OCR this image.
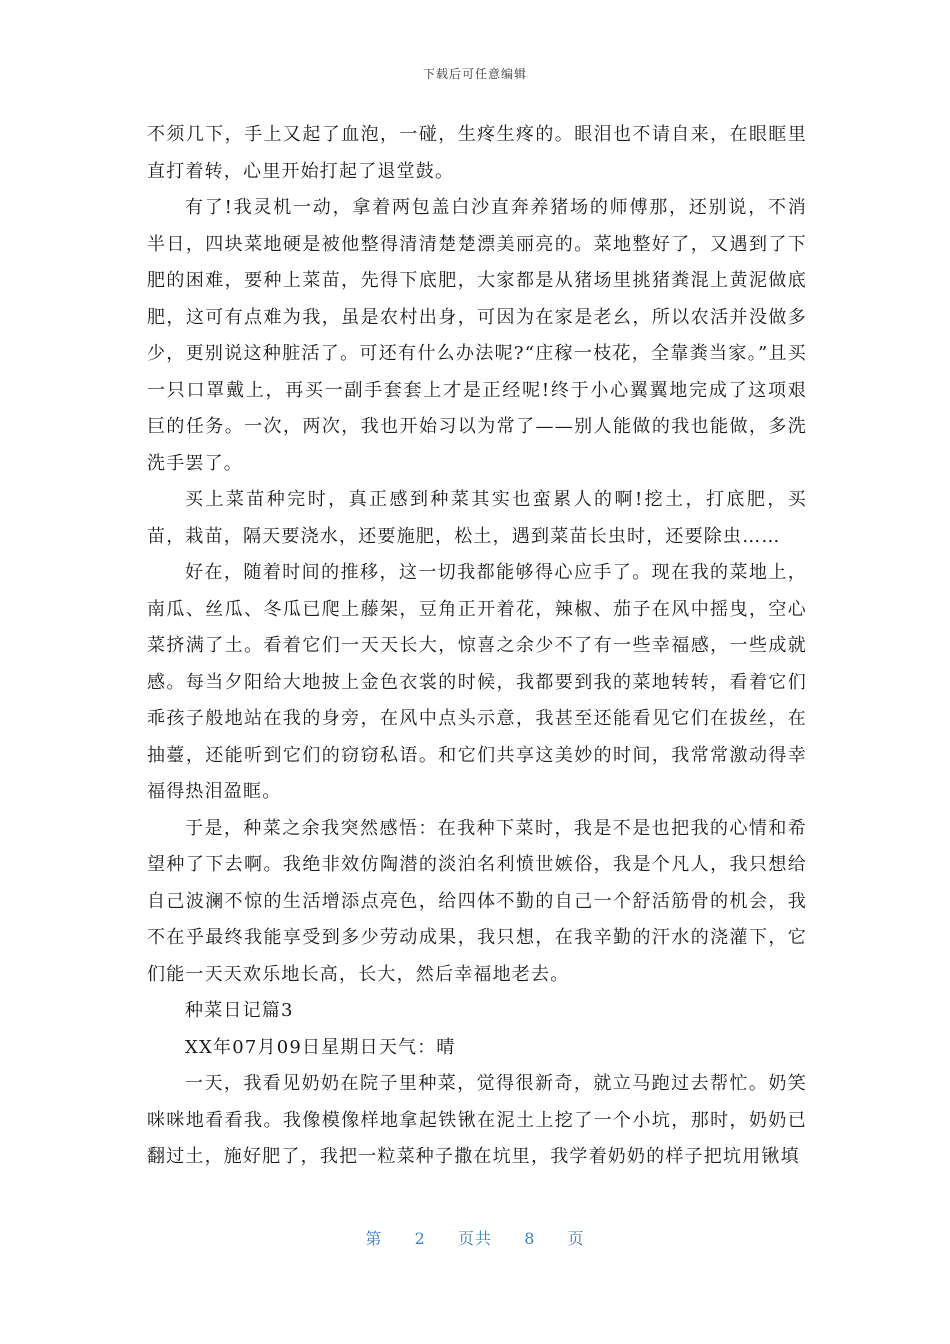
下载后可任意编辑

不须几下，手上又起了血泡，一碰，生疼生疼的。眼泪也不请自来，在眼眶里直打着转，心里开始打起了退堂鼓。

有了!我灵机一动，拿着两包盖白沙直奔养猪场的师傅那，还别说，不消半日，四块菜地硬是被他整得清清楚楚漂美丽亮的。菜地整好了，又遇到了下肥的困难，要种上菜苗，先得下底肥，大家都是从猪场里挑猪粪混上黄泥做底肥，这可有点难为我，虽是农村出身，可因为在家是老幺，所以农活并没做多少，更别说这种脏活了。可还有什么办法呢?“庄稼一枝花，全靠粪当家。”且买一只口罩戴上，再买一副手套套上才是正经呢!终于小心翼翼地完成了这项艰巨的任务。一次，两次，我也开始习以为常了——别人能做的我也能做，多洗洗手罢了。

买上菜苗种完时，真正感到种菜其实也蛮累人的啊!挖土，打底肥，买苗，栽苗，隔天要浇水，还要施肥，松土，遇到菜苗长虫时，还要除虫……

好在，随着时间的推移，这一切我都能够得心应手了。现在我的菜地上，南瓜、丝瓜、冬瓜已爬上藤架，豆角正开着花，辣椒、茄子在风中摇曳，空心菜挤满了土。看着它们一天天长大，惊喜之余少不了有一些幸福感，一些成就感。每当夕阳给大地披上金色衣裳的时候，我都要到我的菜地转转，看着它们乖孩子般地站在我的身旁，在风中点头示意，我甚至还能看见它们在拔丝，在抽薹，还能听到它们的窃窃私语。和它们共享这美妙的时间，我常常激动得幸福得热泪盈眶。

于是，种菜之余我突然感悟：在我种下菜时，我是不是也把我的心情和希望种了下去啊。我绝非效仿陶潜的淡泊名利愤世嫉俗，我是个凡人，我只想给自己波澜不惊的生活增添点亮色，给四体不勤的自己一个舒活筋骨的机会，我不在乎最终我能享受到多少劳动成果，我只想，在我辛勤的汗水的浇灌下，它们能一天天欢乐地长高，长大，然后幸福地老去。

种菜日记篇3

XX年07月09日星期日天气：晴

一天，我看见奶奶在院子里种菜，觉得很新奇，就立马跑过去帮忙。奶笑咪咪地看看我。我像模像样地拿起铁锹在泥土上挖了一个小坑，那时，奶奶已翻过土，施好肥了，我把一粒菜种子撒在坑里，我学着奶奶的样子把坑用锹填

第 2 页共 8 页
